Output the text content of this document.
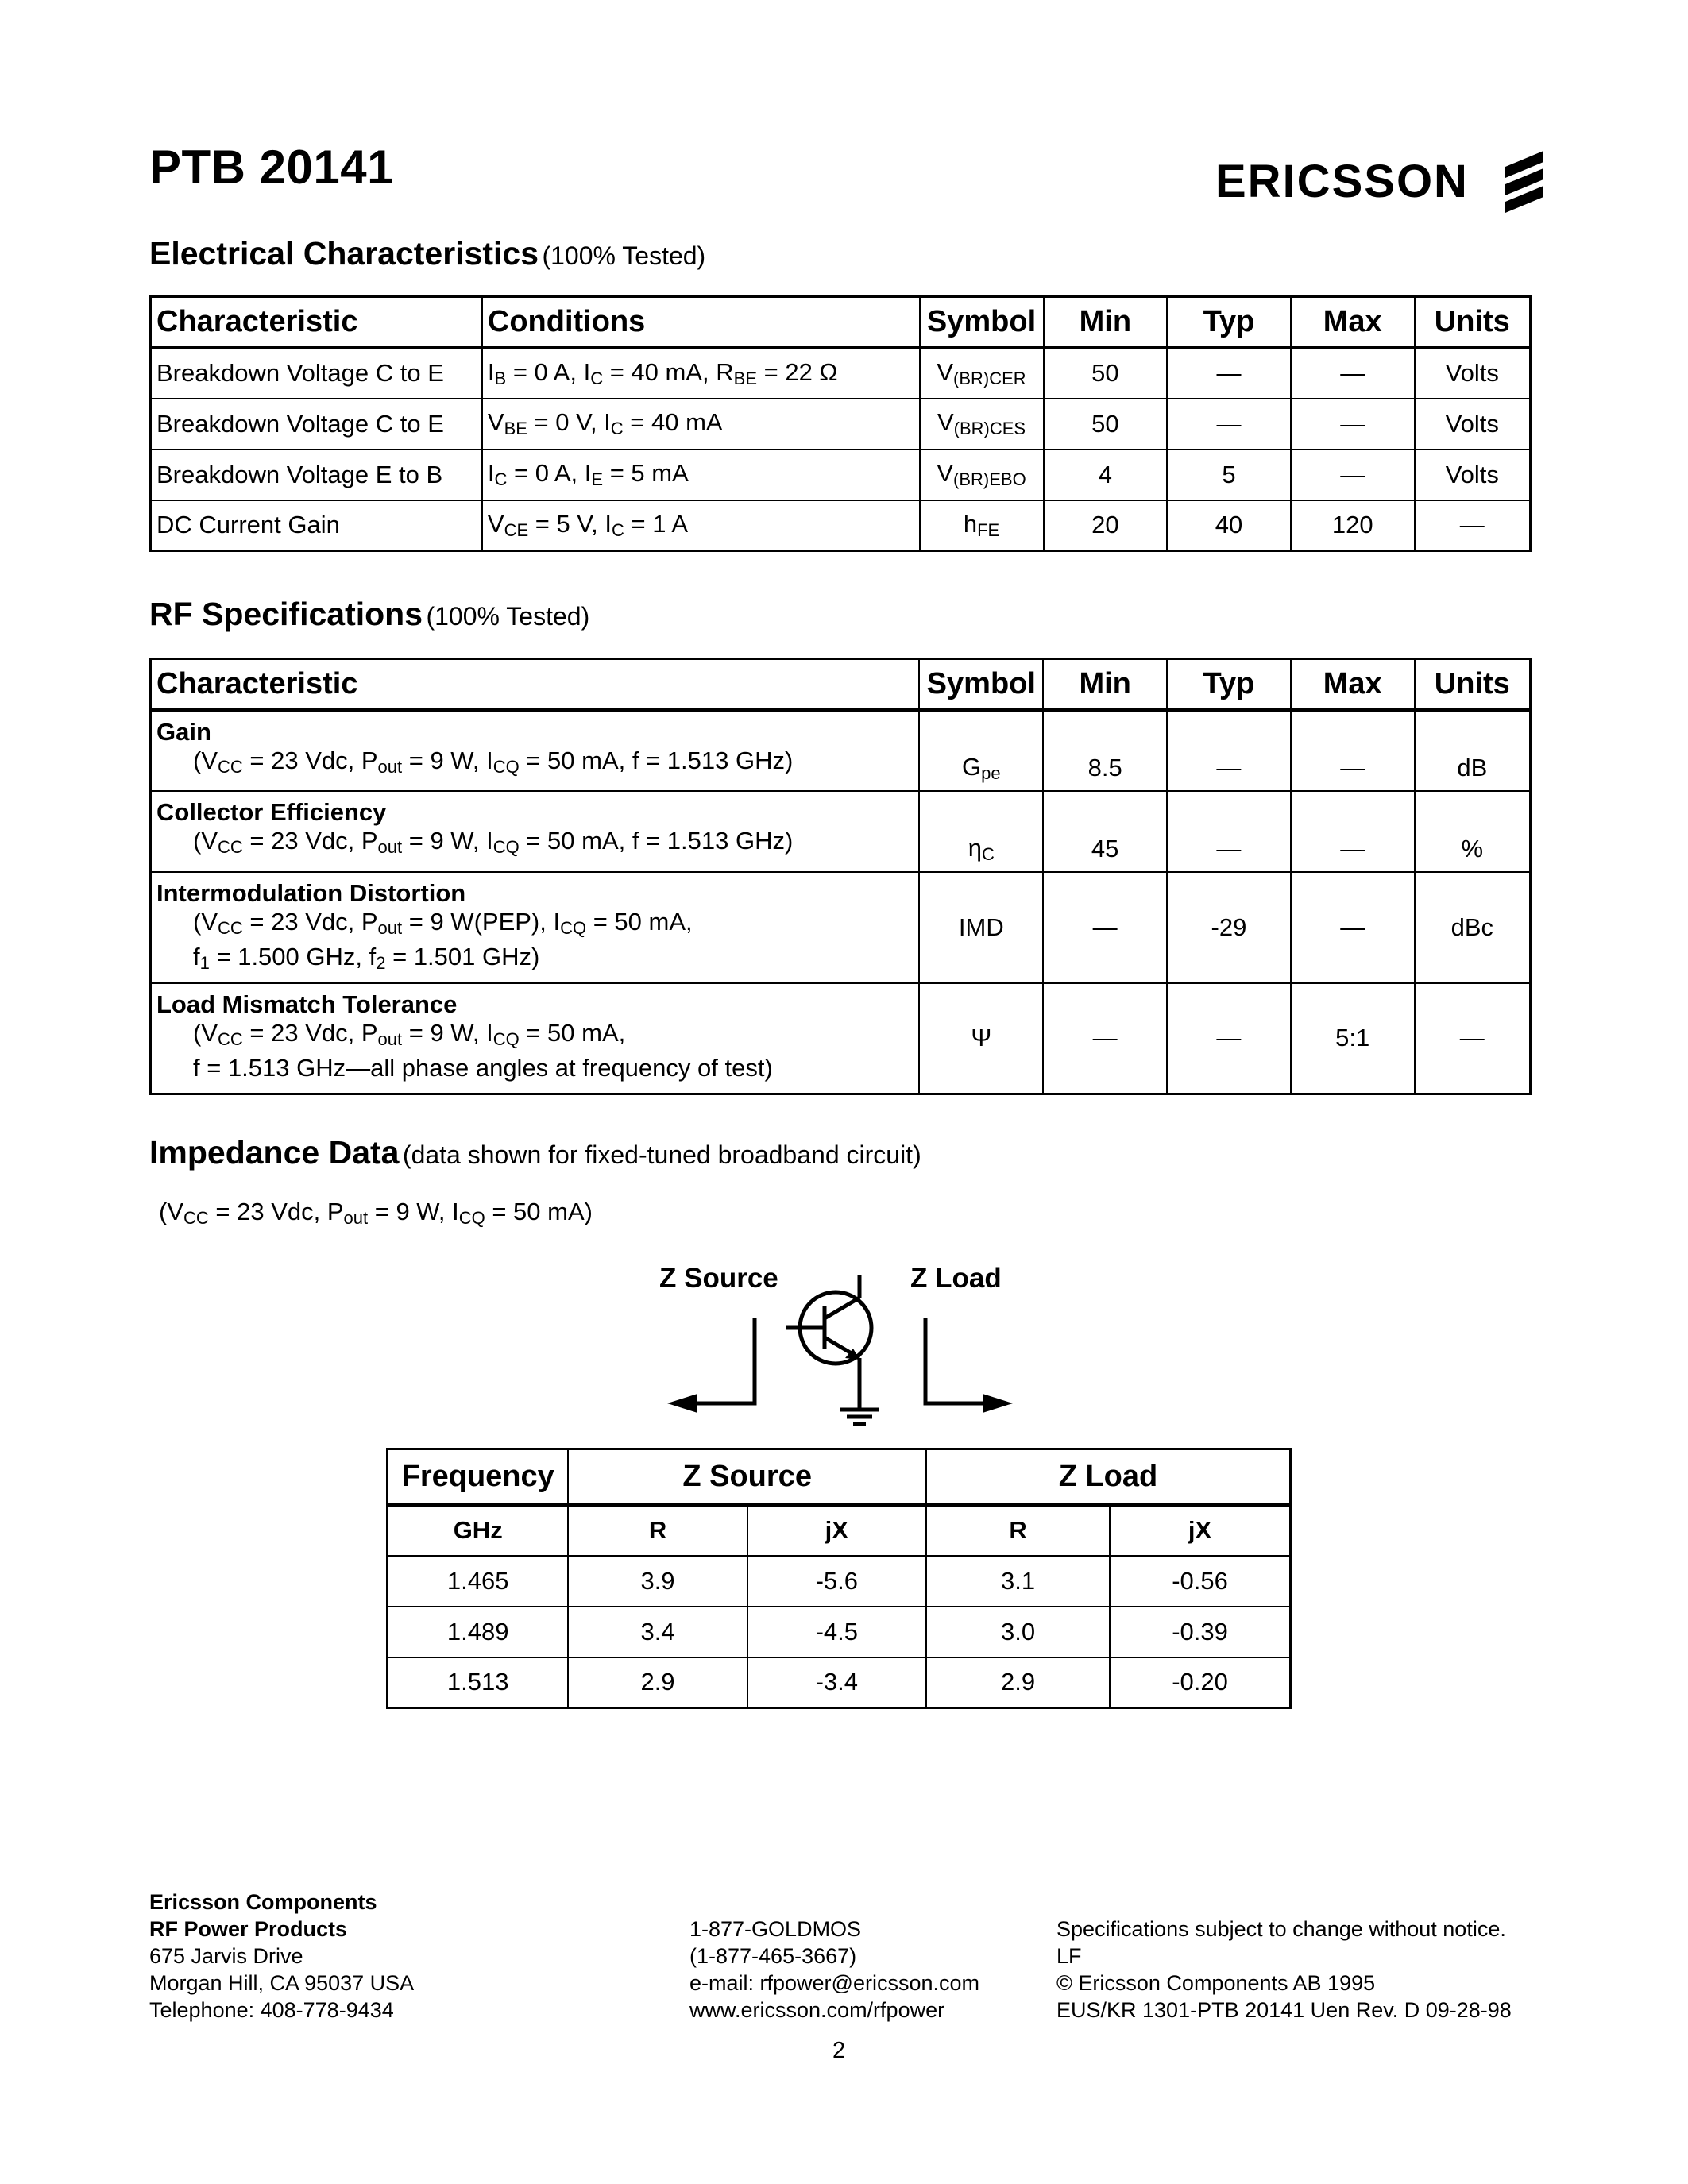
PTB 20141	ERICSSON
Electrical Characteristics (100% Tested)
Characteristic	Conditions	Symbol	Min	Typ	Max	Units
Breakdown Voltage C to E	$I_B = 0$ A, $I_C = 40$ mA, $R_{BE} = 22$ Ω	$V_{(BR)CER}$	50	—	—	Volts
Breakdown Voltage C to E	$V_{BE} = 0$ V, $I_C = 40$ mA	$V_{(BR)CES}$	50	—	—	Volts
Breakdown Voltage E to B	$I_C = 0$ A, $I_E = 5$ mA	$V_{(BR)EBO}$	4	5	—	Volts
DC Current Gain	$V_{CE} = 5$ V, $I_C = 1$ A	$h_{FE}$	20	40	120	—
RF Specifications (100% Tested)
Characteristic	Symbol	Min	Typ	Max	Units

Gain
($V_{CC} = 23$ Vdc, $P_{out} = 9$ W, $I_{CQ} = 50$ mA, f = 1.513 GHz)	$G_{pe}$	8.5	—	—	dB

Collector Efficiency
($V_{CC} = 23$ Vdc, $P_{out} = 9$ W, $I_{CQ} = 50$ mA, f = 1.513 GHz)	$\eta_C$	45	—	—	%

Intermodulation Distortion
($V_{CC} = 23$ Vdc, $P_{out} = 9$ W(PEP), $I_{CQ} = 50$ mA,
$f_1 = 1.500$ GHz, $f_2 = 1.501$ GHz)	IMD	—	-29	—	dBc

Load Mismatch Tolerance
($V_{CC} = 23$ Vdc, $P_{out} = 9$ W, $I_{CQ} = 50$ mA,
f = 1.513 GHz—all phase angles at frequency of test)	Ψ	—	—	5:1	—
Impedance Data (data shown for fixed-tuned broadband circuit)
($V_{CC} = 23$ Vdc, $P_{out} = 9$ W, $I_{CQ} = 50$ mA)
Z Source	Z Load
Frequency	Z Source		Z Load	
GHz	R	jX	R	jX
1.465	3.9	-5.6	3.1	-0.56
1.489	3.4	-4.5	3.0	-0.39
1.513	2.9	-3.4	2.9	-0.20
Ericsson Components
RF Power Products
675 Jarvis Drive
Morgan Hill, CA 95037 USA
Telephone: 408-778-9434
1-877-GOLDMOS
(1-877-465-3667)
e-mail: rfpower@ericsson.com
www.ericsson.com/rfpower
Specifications subject to change without notice.
LF
© Ericsson Components AB 1995
EUS/KR 1301-PTB 20141 Uen Rev. D 09-28-98
2
